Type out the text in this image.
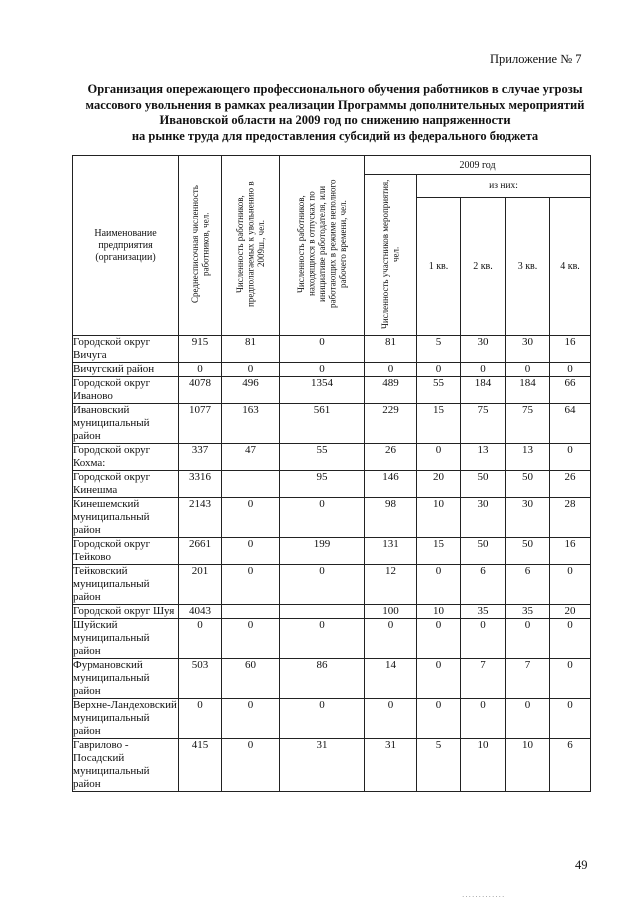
Приложение № 7
Организация опережающего профессионального обучения работников в случае угрозы
массового увольнения в рамках реализации Программы дополнительных мероприятий
Ивановской области на 2009 год по снижению напряженности
на рынке труда для предоставления субсидий из федерального бюджета
Наименование предприятия (организации)	Среднесписочная численность работников, чел.	Численность работников, предполагаемых к увольнению в 2009ш., чел.	Численность работников, находящихся в отпусках по инициативе работодателя, или работающих в режиме неполного рабочего времени, чел.	2009 год				
				Численность участников мероприятия, чел.	из них:			
					1 кв.	2 кв.	3 кв.	4 кв.
Городской округ Вичуга	915	81	0	81	5	30	30	16
Вичугский район	0	0	0	0	0	0	0	0
Городской округ Иваново	4078	496	1354	489	55	184	184	66
Ивановский муниципальный район	1077	163	561	229	15	75	75	64
Городской округ Кохма:	337	47	55	26	0	13	13	0
Городской округ Кинешма	3316		95	146	20	50	50	26
Кинешемский муниципальный район	2143	0	0	98	10	30	30	28
Городской округ Тейково	2661	0	199	131	15	50	50	16
Тейковский муниципальный район	201	0	0	12	0	6	6	0
Городской округ Шуя	4043			100	10	35	35	20
Шуйский муниципальный район	0	0	0	0	0	0	0	0
Фурмановский муниципальный район	503	60	86	14	0	7	7	0
Верхне-Ландеховский муниципальный район	0	0	0	0	0	0	0	0
Гаврилово - Посадский муниципальный район	415	0	31	31	5	10	10	6
49
·············
